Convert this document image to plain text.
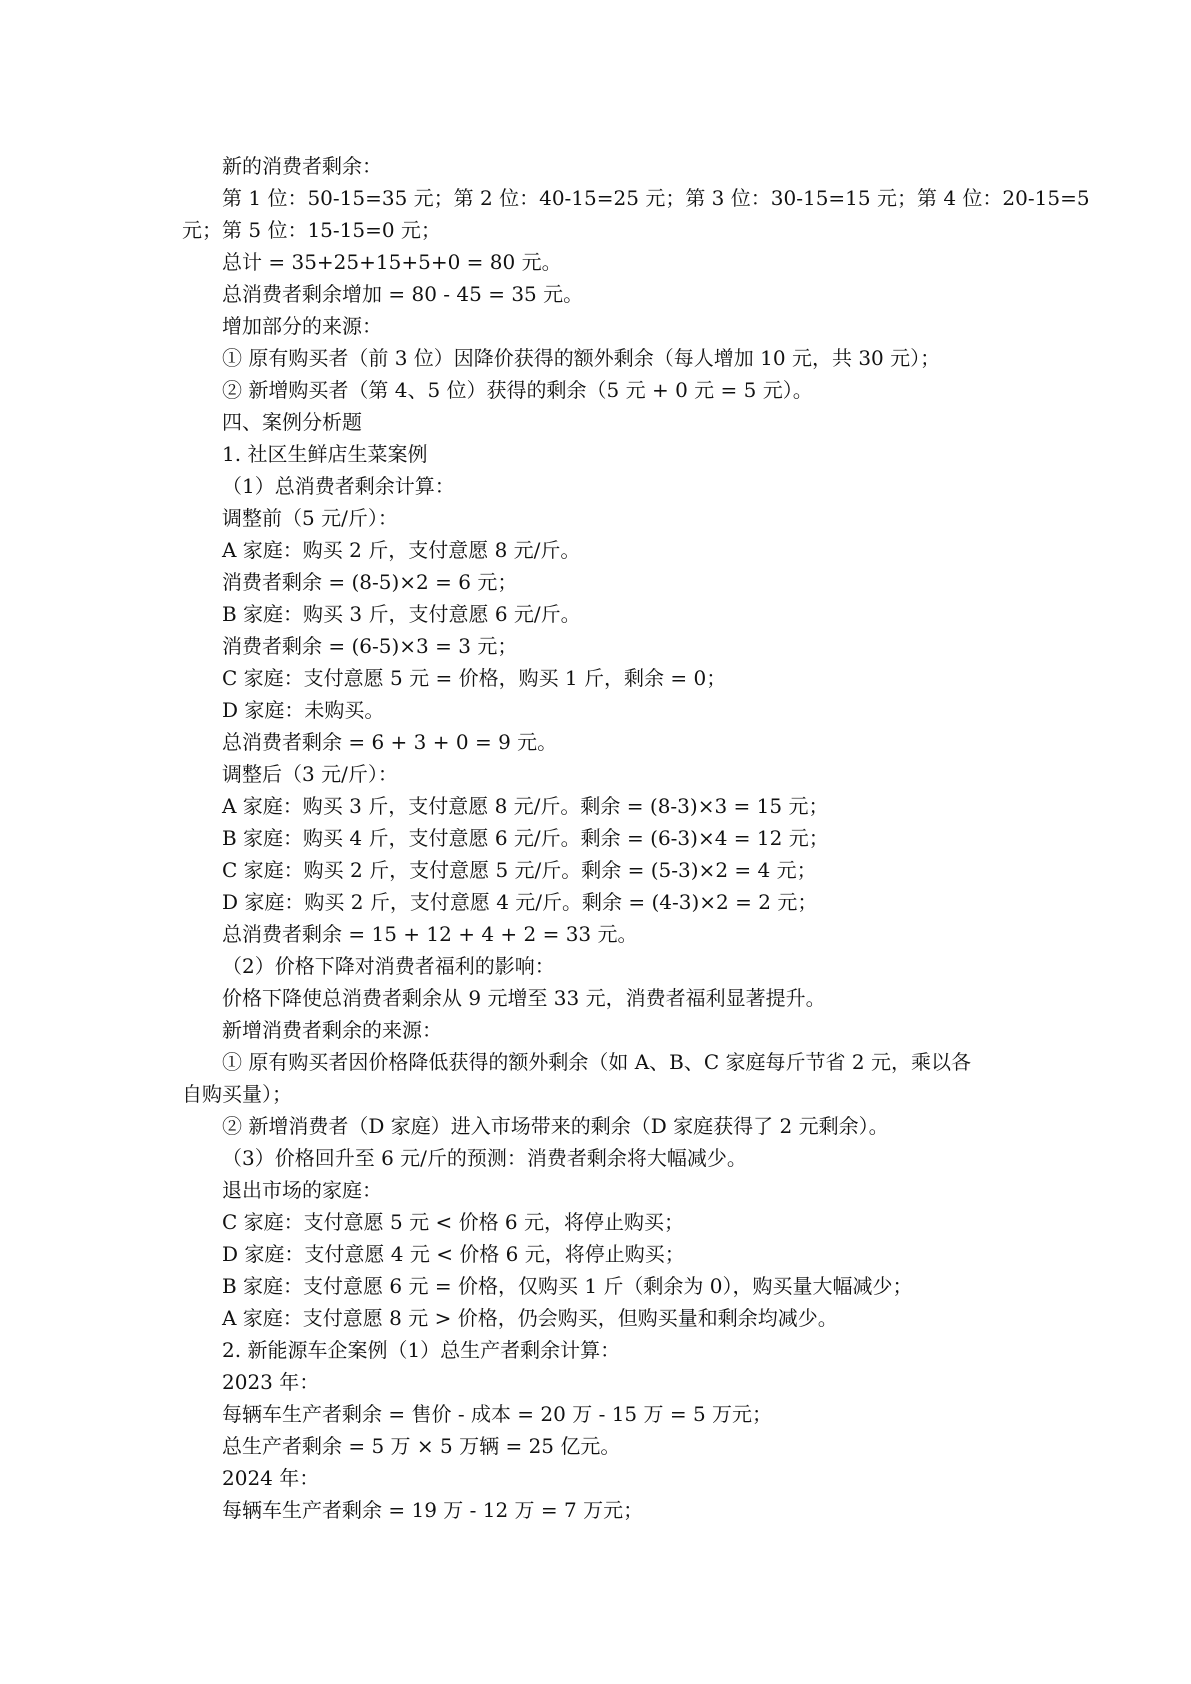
新的消费者剩余：
第 1 位：50-15=35 元；第 2 位：40-15=25 元；第 3 位：30-15=15 元；第 4 位：20-15=5
元；第 5 位：15-15=0 元；
总计 = 35+25+15+5+0 = 80 元。
总消费者剩余增加 = 80 - 45 = 35 元。
增加部分的来源：
① 原有购买者（前 3 位）因降价获得的额外剩余（每人增加 10 元，共 30 元）；
② 新增购买者（第 4、5 位）获得的剩余（5 元 + 0 元 = 5 元）。
四、案例分析题
1. 社区生鲜店生菜案例
（1）总消费者剩余计算：
调整前（5 元/斤）：
A 家庭：购买 2 斤，支付意愿 8 元/斤。
消费者剩余 = (8-5)×2 = 6 元；
B 家庭：购买 3 斤，支付意愿 6 元/斤。
消费者剩余 = (6-5)×3 = 3 元；
C 家庭：支付意愿 5 元 = 价格，购买 1 斤，剩余 = 0；
D 家庭：未购买。
总消费者剩余 = 6 + 3 + 0 = 9 元。
调整后（3 元/斤）：
A 家庭：购买 3 斤，支付意愿 8 元/斤。剩余 = (8-3)×3 = 15 元；
B 家庭：购买 4 斤，支付意愿 6 元/斤。剩余 = (6-3)×4 = 12 元；
C 家庭：购买 2 斤，支付意愿 5 元/斤。剩余 = (5-3)×2 = 4 元；
D 家庭：购买 2 斤，支付意愿 4 元/斤。剩余 = (4-3)×2 = 2 元；
总消费者剩余 = 15 + 12 + 4 + 2 = 33 元。
（2）价格下降对消费者福利的影响：
价格下降使总消费者剩余从 9 元增至 33 元，消费者福利显著提升。
新增消费者剩余的来源：
① 原有购买者因价格降低获得的额外剩余（如 A、B、C 家庭每斤节省 2 元，乘以各
自购买量）；
② 新增消费者（D 家庭）进入市场带来的剩余（D 家庭获得了 2 元剩余）。
（3）价格回升至 6 元/斤的预测：消费者剩余将大幅减少。
退出市场的家庭：
C 家庭：支付意愿 5 元 < 价格 6 元，将停止购买；
D 家庭：支付意愿 4 元 < 价格 6 元，将停止购买；
B 家庭：支付意愿 6 元 = 价格，仅购买 1 斤（剩余为 0），购买量大幅减少；
A 家庭：支付意愿 8 元 > 价格，仍会购买，但购买量和剩余均减少。
2. 新能源车企案例（1）总生产者剩余计算：
2023 年：
每辆车生产者剩余 = 售价 - 成本 = 20 万 - 15 万 = 5 万元；
总生产者剩余 = 5 万 × 5 万辆 = 25 亿元。
2024 年：
每辆车生产者剩余 = 19 万 - 12 万 = 7 万元；
